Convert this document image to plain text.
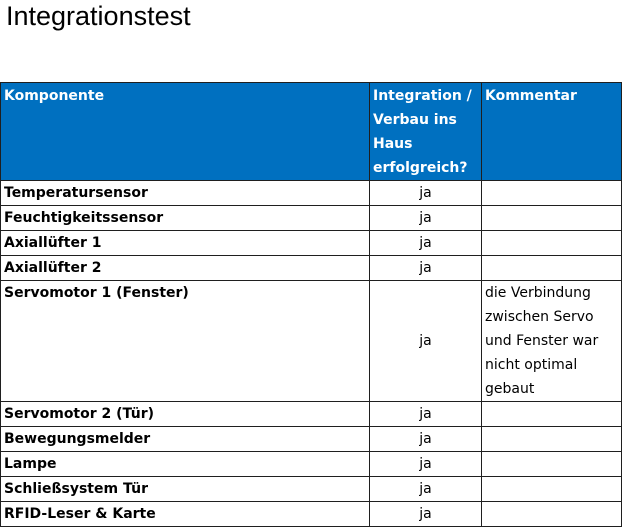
Integrationstest
Komponente	Integration / Verbau ins Haus erfolgreich?	Kommentar
Temperatursensor	ja	
Feuchtigkeitssensor	ja	
Axiallüfter 1	ja	
Axiallüfter 2	ja	
Servomotor 1 (Fenster)	ja	die Verbindung zwischen Servo und Fenster war nicht optimal gebaut
Servomotor 2 (Tür)	ja	
Bewegungsmelder	ja	
Lampe	ja	
Schließsystem Tür	ja	
RFID-Leser & Karte	ja	
